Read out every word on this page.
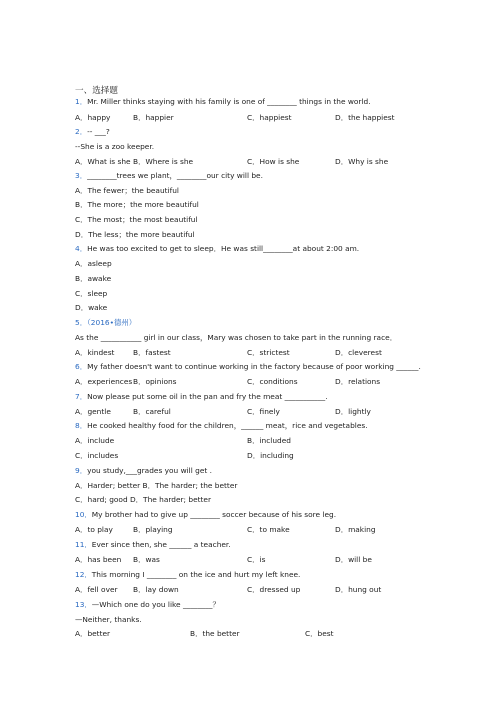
一、选择题
1．Mr. Miller thinks staying with his family is one of ________ things in the world.
A．happy	B．happier	C．happiest	D．the happiest
2．-- ___?
--She is a zoo keeper.
A．What is she B．Where is she	C．How is she	D．Why is she
3．________trees we plant，________our city will be.
A．The fewer；the beautiful
B．The more；the more beautiful
C．The most；the most beautiful
D．The less；the more beautiful
4．He was too excited to get to sleep．He was still________at about 2:00 am.
A．asleep
B．awake
C．sleep
D．wake
5．（2016•德州）
As the ___________ girl in our class，Mary was chosen to take part in the running race．
A．kindest	B．fastest	C．strictest	D．cleverest
6．My father doesn't want to continue working in the factory because of poor working ______.
A．experiences B．opinions	C．conditions	D．relations
7．Now please put some oil in the pan and fry the meat ___________.
A．gentle	B．careful	C．finely	D．lightly
8．He cooked healthy food for the children，______ meat，rice and vegetables.
A．include	B．included
C．includes	D．including
9．you study,___grades you will get .
A．Harder; better B．The harder; the better
C．hard; good D．The harder; better
10．My brother had to give up ________ soccer because of his sore leg.
A．to play	B．playing	C．to make	D．making
11．Ever since then, she ______ a teacher.
A．has been B．was	C．is	D．will be
12．This morning I ________ on the ice and hurt my left knee.
A．fell over B．lay down	C．dressed up	D．hung out
13．—Which one do you like ________？
—Neither, thanks.
A．better	B．the better	C．best
